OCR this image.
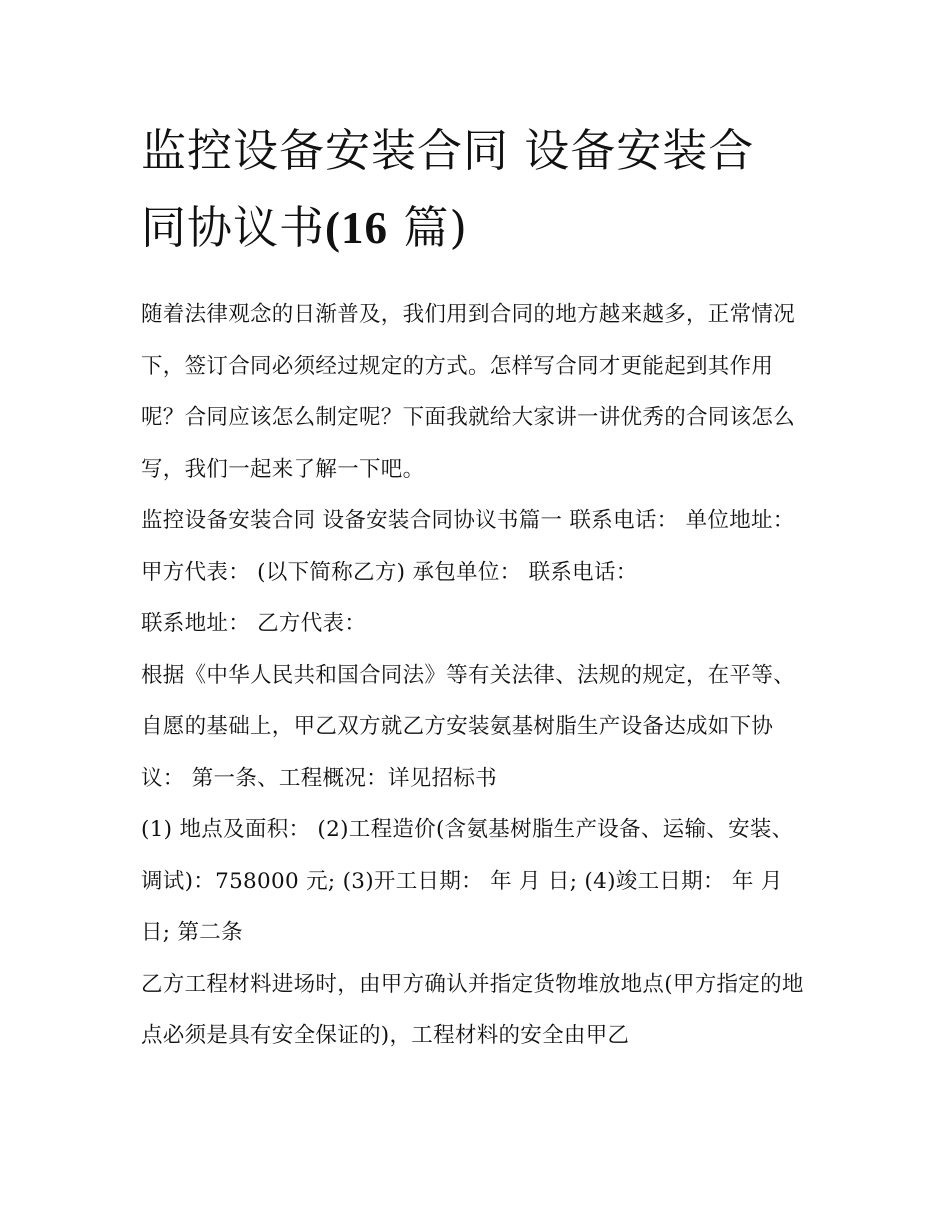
监控设备安装合同 设备安装合
同协议书(16 篇)

随着法律观念的日渐普及，我们用到合同的地方越来越多，正常情况下，签订合同必须经过规定的方式。怎样写合同才更能起到其作用呢？合同应该怎么制定呢？下面我就给大家讲一讲优秀的合同该怎么写，我们一起来了解一下吧。

监控设备安装合同 设备安装合同协议书篇一 联系电话： 单位地址： 甲方代表： (以下简称乙方) 承包单位： 联系电话：

联系地址： 乙方代表：

根据《中华人民共和国合同法》等有关法律、法规的规定，在平等、自愿的基础上，甲乙双方就乙方安装氨基树脂生产设备达成如下协议： 第一条、工程概况：详见招标书

(1) 地点及面积： (2)工程造价(含氨基树脂生产设备、运输、安装、调试)：758000 元; (3)开工日期： 年 月 日; (4)竣工日期： 年 月

日; 第二条

乙方工程材料进场时，由甲方确认并指定货物堆放地点(甲方指定的地点必须是具有安全保证的)，工程材料的安全由甲乙
